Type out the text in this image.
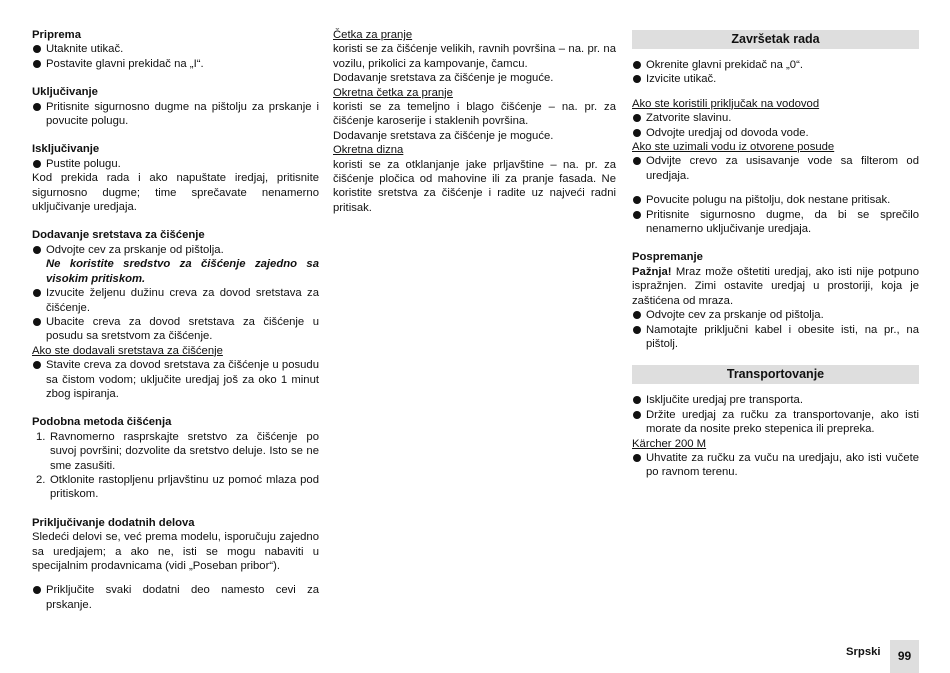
Priprema
Utaknite utikač.
Postavite glavni prekidač na „I“.
Uključivanje
Pritisnite sigurnosno dugme na pištolju za prskanje i povucite polugu.
Isključivanje
Pustite polugu.

Kod prekida rada i ako napuštate iredjaj, pritisnite sigurnosno dugme; time sprečavate nenamerno uključivanje uredjaja.

Dodavanje sretstava za čišćenje
Odvojte cev za prskanje od pištolja.
Ne koristite sredstvo za čišćenje zajedno sa visokim pritiskom.
Izvucite željenu dužinu creva za dovod sretstava za čišćenje.
Ubacite creva za dovod sretstava za čišćenje u posudu sa sretstvom za čišćenje.
Ako ste dodavali sretstava za čišćenje
Stavite creva za dovod sretstava za čišćenje u posudu sa čistom vodom; uključite uredjaj još za oko 1 minut zbog ispiranja.
Podobna metoda čišćenja
1. Ravnomerno rasprskajte sretstvo za čišćenje po suvoj površini; dozvolite da sretstvo deluje. Isto se ne sme zasušiti.
2. Otklonite rastopljenu prljavštinu uz pomoć mlaza pod pritiskom.
Priključivanje dodatnih delova

Sledeći delovi se, već prema modelu, isporučuju zajedno sa uredjajem; a ako ne, isti se mogu nabaviti u specijalnim prodavnicama (vidi „Poseban pribor“).

Priključite svaki dodatni deo namesto cevi za prskanje.
Četka za pranje

koristi se za čišćenje velikih, ravnih površina – na. pr. na vozilu, prikolici za kampovanje, čamcu.

Dodavanje sretstava za čišćenje je moguće.

Okretna četka za pranje

koristi se za temeljno i blago čišćenje – na. pr. za čišćenje karoserije i staklenih površina.

Dodavanje sretstava za čišćenje je moguće.

Okretna dizna

koristi se za otklanjanje jake prljavštine – na. pr. za čišćenje pločica od mahovine ili za pranje fasada. Ne koristite sretstva za čišćenje i radite uz najveći radni pritisak.

Završetak rada
Okrenite glavni prekidač na „0“.
Izvicite utikač.
Ako ste koristili priključak na vodovod
Zatvorite slavinu.
Odvojte uredjaj od dovoda vode.
Ako ste uzimali vodu iz otvorene posude
Odvijte crevo za usisavanje vode sa filterom od uredjaja.
Povucite polugu na pištolju, dok nestane pritisak.
Pritisnite sigurnosno dugme, da bi se sprečilo nenamerno uključivanje uredjaja.
Pospremanje

Pažnja! Mraz može oštetiti uredjaj, ako isti nije potpuno ispražnjen. Zimi ostavite uredjaj u prostoriji, koja je zaštićena od mraza.

Odvojte cev za prskanje od pištolja.
Namotajte priključni kabel i obesite isti, na pr., na pištolj.
Transportovanje
Isključite uredjaj pre transporta.
Držite uredjaj za ručku za transportovanje, ako isti morate da nosite preko stepenica ili prepreka.
Kärcher 200 M
Uhvatite za ručku za vuču na uredjaju, ako isti vučete po ravnom terenu.
Srpski	99
